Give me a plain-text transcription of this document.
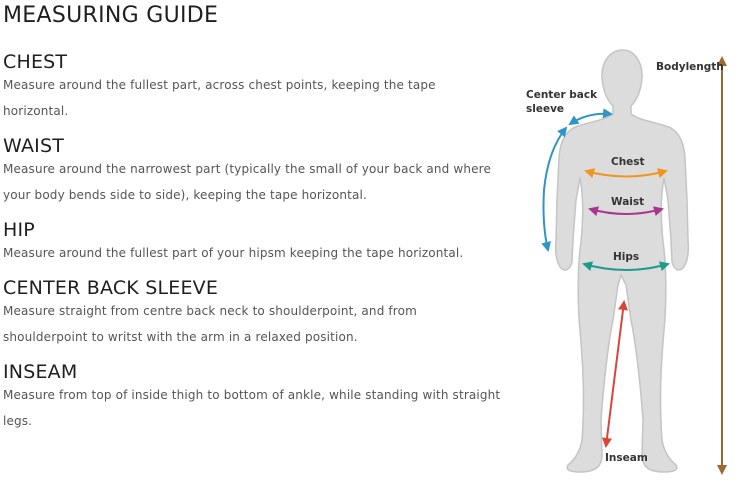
MEASURING GUIDE
CHEST

Measure around the fullest part, across chest points, keeping the tape horizontal.

WAIST

Measure around the narrowest part (typically the small of your back and where your body bends side to side), keeping the tape horizontal.

HIP

Measure around the fullest part of your hipsm keeping the tape horizontal.

CENTER BACK SLEEVE

Measure straight from centre back neck to shoulderpoint, and from shoulderpoint to writst with the arm in a relaxed position.

INSEAM

Measure from top of inside thigh to bottom of ankle, while standing with straight legs.

Bodylength
Center back
sleeve
Chest
Waist
Hips
Inseam
